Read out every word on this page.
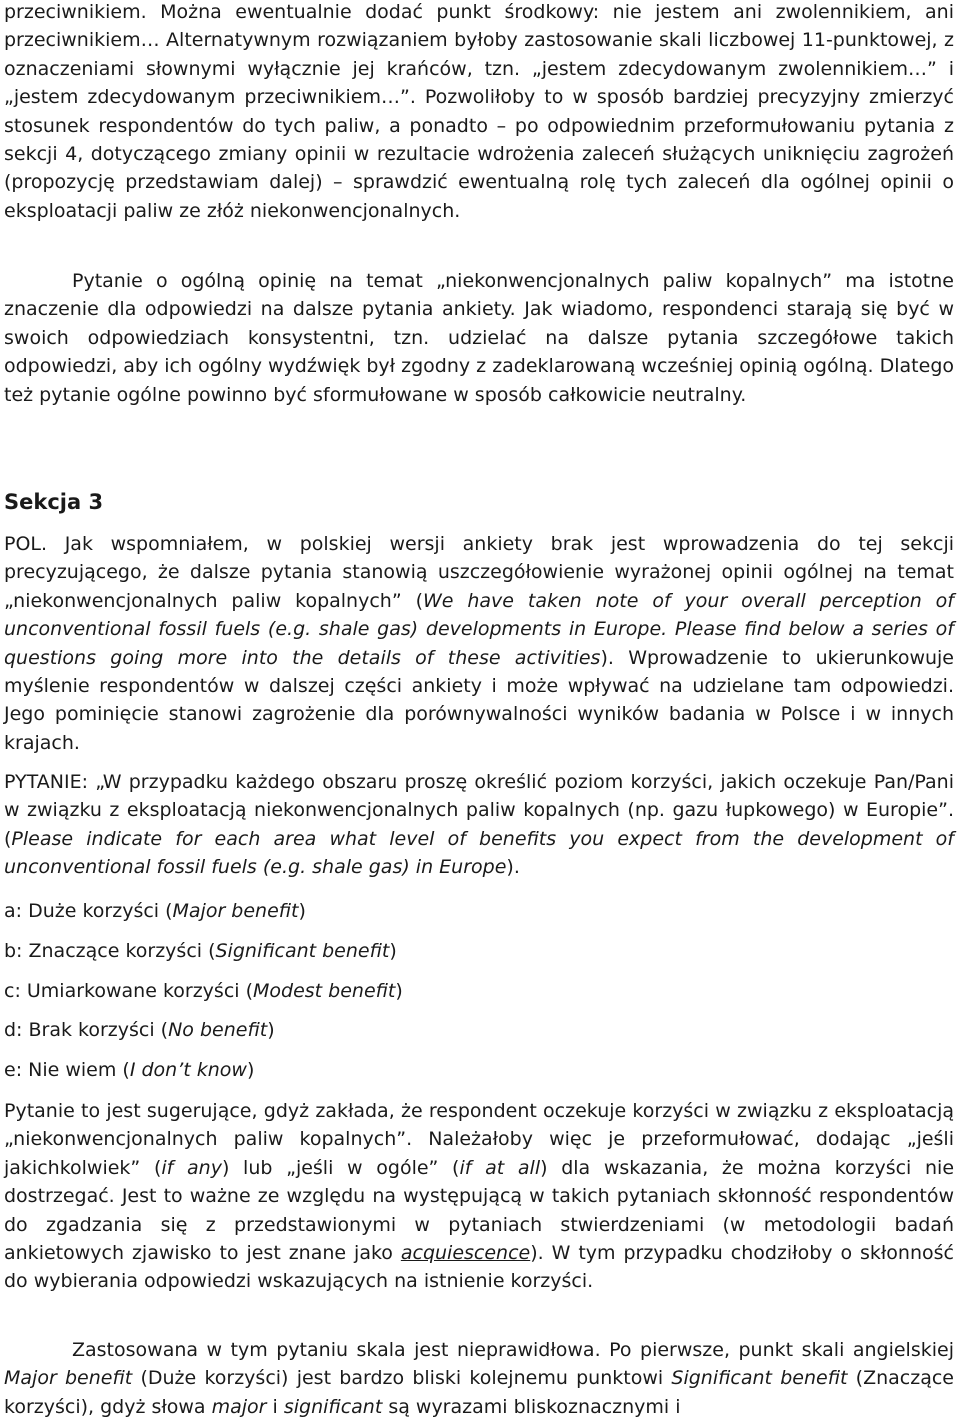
przeciwnikiem. Można ewentualnie dodać punkt środkowy: nie jestem ani zwolennikiem, ani przeciwnikiem… Alternatywnym rozwiązaniem byłoby zastosowanie skali liczbowej 11-punktowej, z oznaczeniami słownymi wyłącznie jej krańców, tzn. „jestem zdecydowanym zwolennikiem…” i „jestem zdecydowanym przeciwnikiem…”. Pozwoliłoby to w sposób bardziej precyzyjny zmierzyć stosunek respondentów do tych paliw, a ponadto – po odpowiednim przeformułowaniu pytania z sekcji 4, dotyczącego zmiany opinii w rezultacie wdrożenia zaleceń służących uniknięciu zagrożeń (propozycję przedstawiam dalej) – sprawdzić ewentualną rolę tych zaleceń dla ogólnej opinii o eksploatacji paliw ze złóż niekonwencjonalnych.

Pytanie o ogólną opinię na temat „niekonwencjonalnych paliw kopalnych” ma istotne znaczenie dla odpowiedzi na dalsze pytania ankiety. Jak wiadomo, respondenci starają się być w swoich odpowiedziach konsystentni, tzn. udzielać na dalsze pytania szczegółowe takich odpowiedzi, aby ich ogólny wydźwięk był zgodny z zadeklarowaną wcześniej opinią ogólną. Dlatego też pytanie ogólne powinno być sformułowane w sposób całkowicie neutralny.

Sekcja 3

POL. Jak wspomniałem, w polskiej wersji ankiety brak jest wprowadzenia do tej sekcji precyzującego, że dalsze pytania stanowią uszczegółowienie wyrażonej opinii ogólnej na temat „niekonwencjonalnych paliw kopalnych” (We have taken note of your overall perception of unconventional fossil fuels (e.g. shale gas) developments in Europe. Please find below a series of questions going more into the details of these activities). Wprowadzenie to ukierunkowuje myślenie respondentów w dalszej części ankiety i może wpływać na udzielane tam odpowiedzi. Jego pominięcie stanowi zagrożenie dla porównywalności wyników badania w Polsce i w innych krajach.

PYTANIE: „W przypadku każdego obszaru proszę określić poziom korzyści, jakich oczekuje Pan/Pani w związku z eksploatacją niekonwencjonalnych paliw kopalnych (np. gazu łupkowego) w Europie”. (Please indicate for each area what level of benefits you expect from the development of unconventional fossil fuels (e.g. shale gas) in Europe).

a: Duże korzyści (Major benefit)

b: Znaczące korzyści (Significant benefit)

c: Umiarkowane korzyści (Modest benefit)

d: Brak korzyści (No benefit)

e: Nie wiem (I don’t know)

Pytanie to jest sugerujące, gdyż zakłada, że respondent oczekuje korzyści w związku z eksploatacją „niekonwencjonalnych paliw kopalnych”. Należałoby więc je przeformułować, dodając „jeśli jakichkolwiek” (if any) lub „jeśli w ogóle” (if at all) dla wskazania, że można korzyści nie dostrzegać. Jest to ważne ze względu na występującą w takich pytaniach skłonność respondentów do zgadzania się z przedstawionymi w pytaniach stwierdzeniami (w metodologii badań ankietowych zjawisko to jest znane jako acquiescence). W tym przypadku chodziłoby o skłonność do wybierania odpowiedzi wskazujących na istnienie korzyści.

Zastosowana w tym pytaniu skala jest nieprawidłowa. Po pierwsze, punkt skali angielskiej Major benefit (Duże korzyści) jest bardzo bliski kolejnemu punktowi Significant benefit (Znaczące korzyści), gdyż słowa major i significant są wyrazami bliskoznacznymi i
